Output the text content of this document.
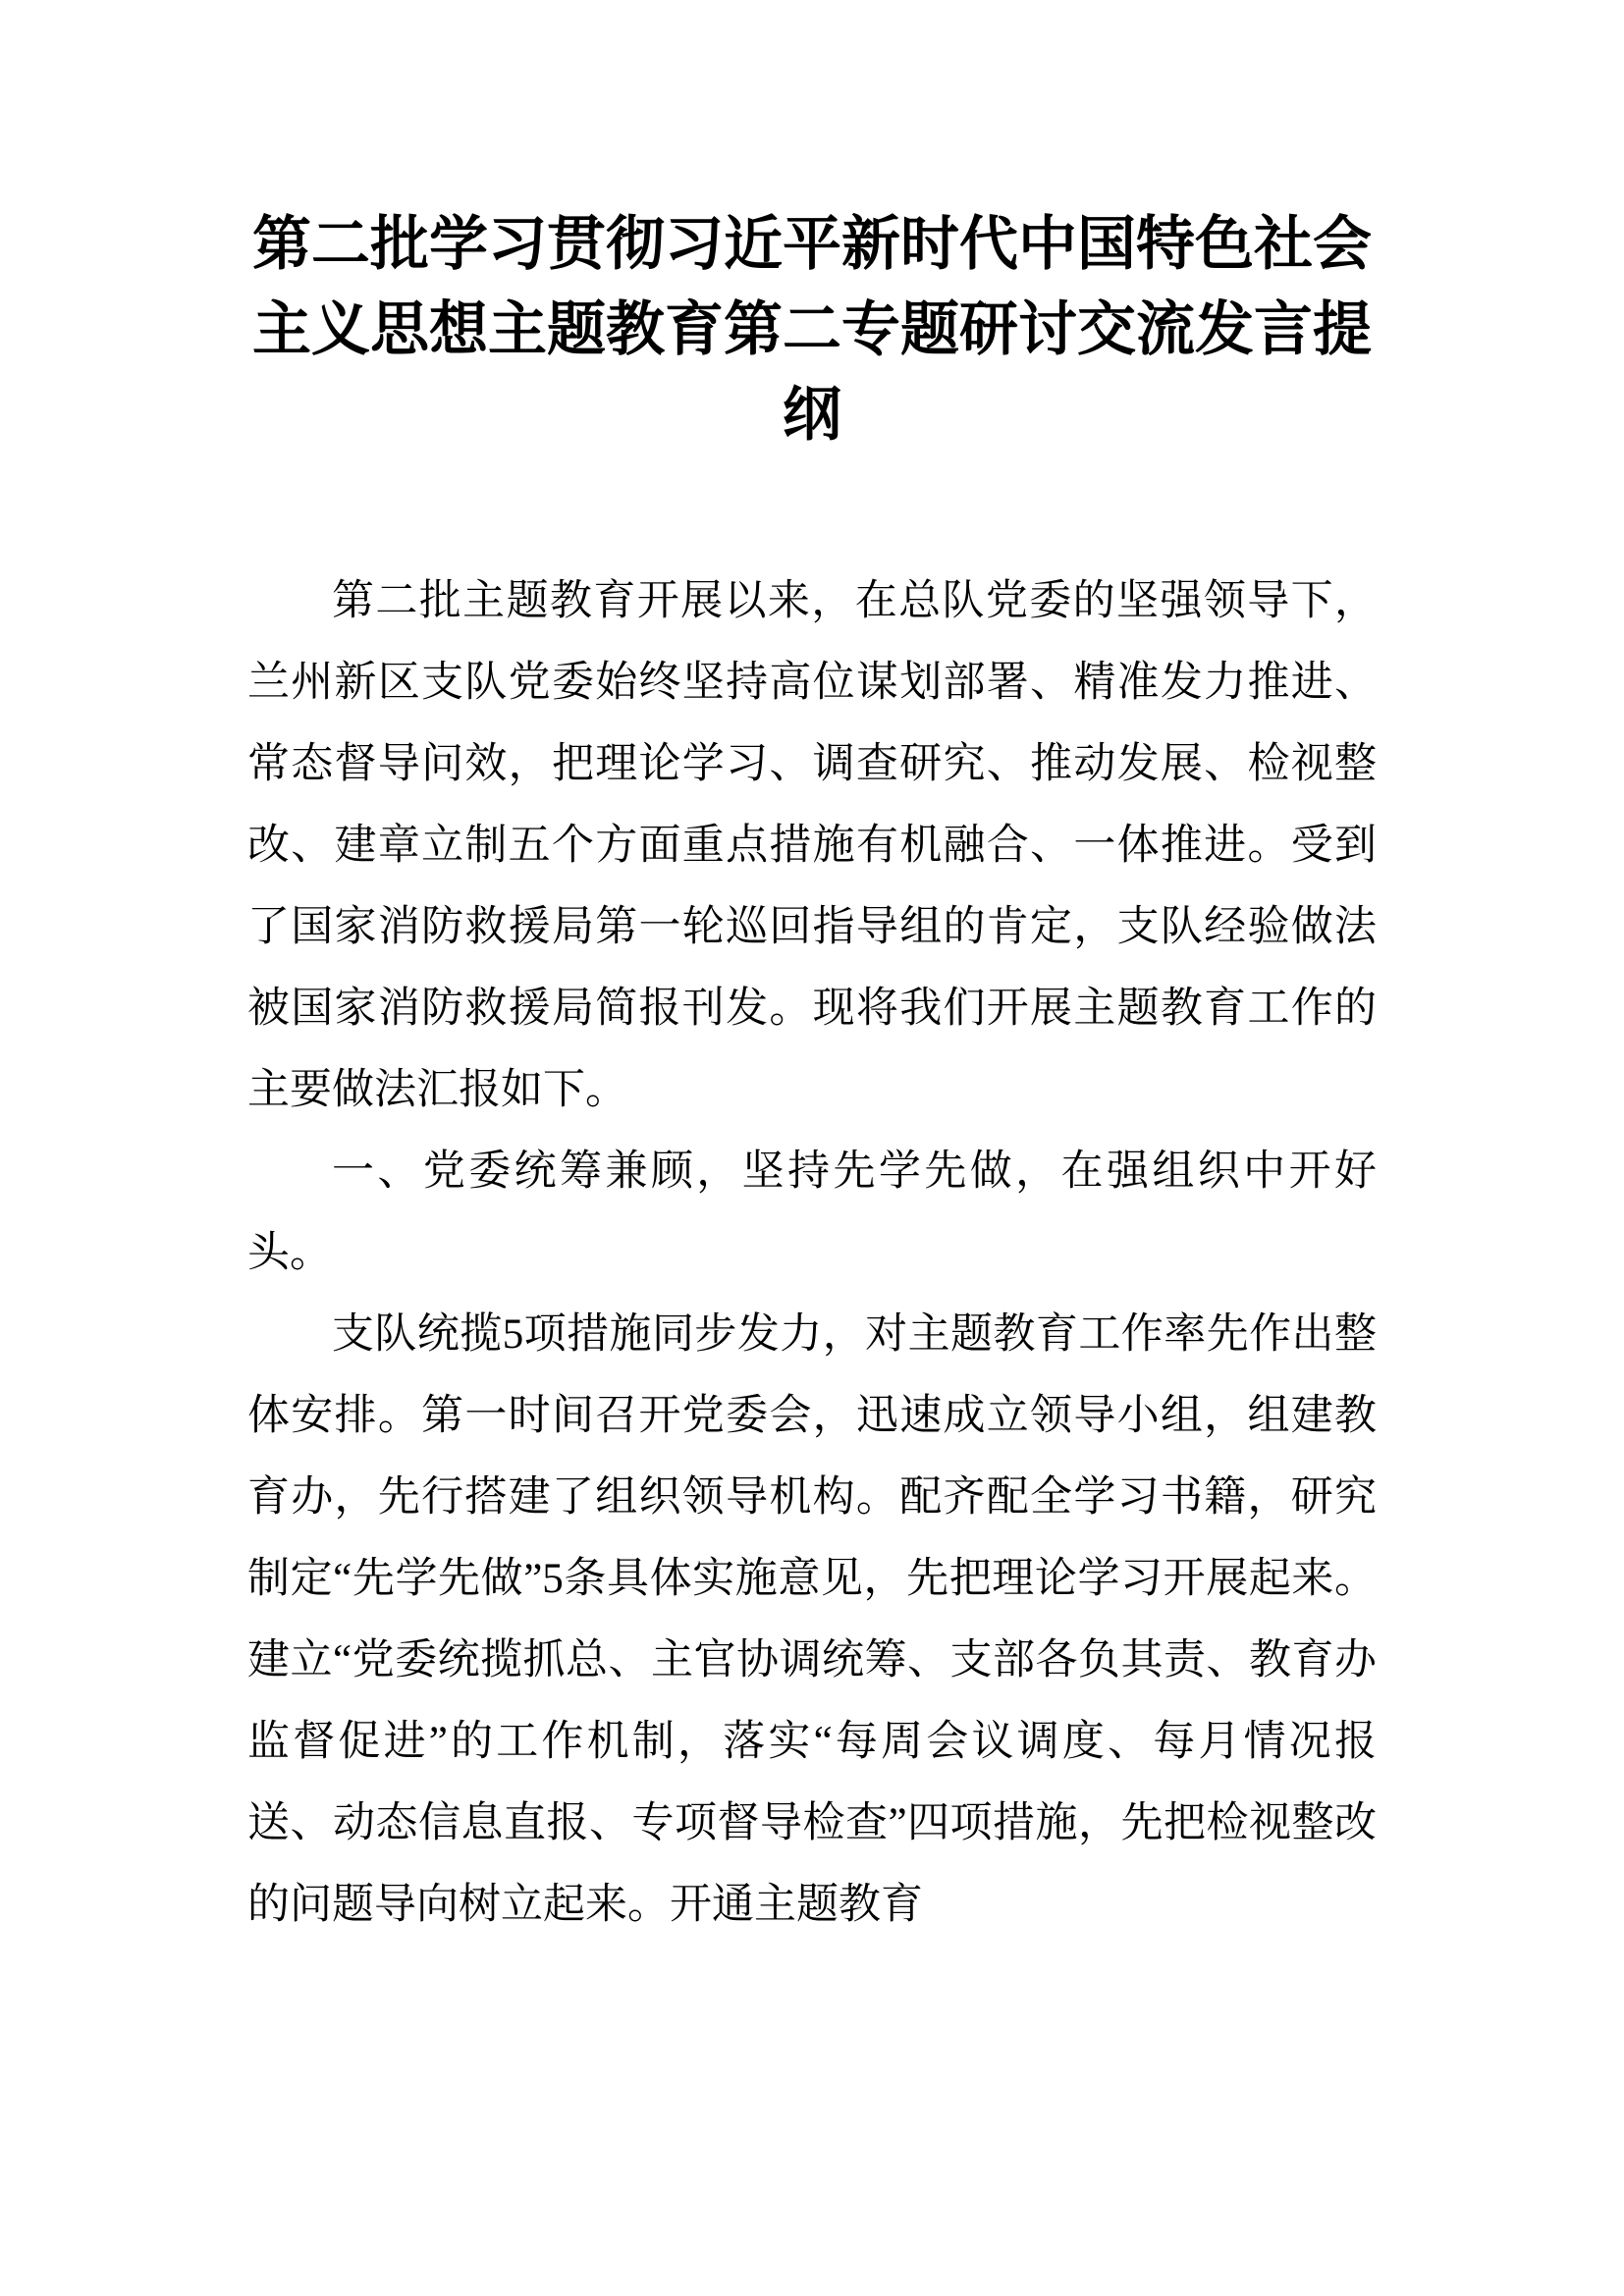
第二批学习贯彻习近平新时代中国特色社会主义思想主题教育第二专题研讨交流发言提纲

第二批主题教育开展以来，在总队党委的坚强领导下，兰州新区支队党委始终坚持高位谋划部署、精准发力推进、常态督导问效，把理论学习、调查研究、推动发展、检视整改、建章立制五个方面重点措施有机融合、一体推进。受到了国家消防救援局第一轮巡回指导组的肯定，支队经验做法被国家消防救援局简报刊发。现将我们开展主题教育工作的主要做法汇报如下。

一、党委统筹兼顾，坚持先学先做，在强组织中开好头。

支队统揽5项措施同步发力，对主题教育工作率先作出整体安排。第一时间召开党委会，迅速成立领导小组，组建教育办，先行搭建了组织领导机构。配齐配全学习书籍，研究制定“先学先做”5条具体实施意见，先把理论学习开展起来。建立“党委统揽抓总、主官协调统筹、支部各负其责、教育办监督促进”的工作机制，落实“每周会议调度、每月情况报送、动态信息直报、专项督导检查”四项措施，先把检视整改的问题导向树立起来。开通主题教育
